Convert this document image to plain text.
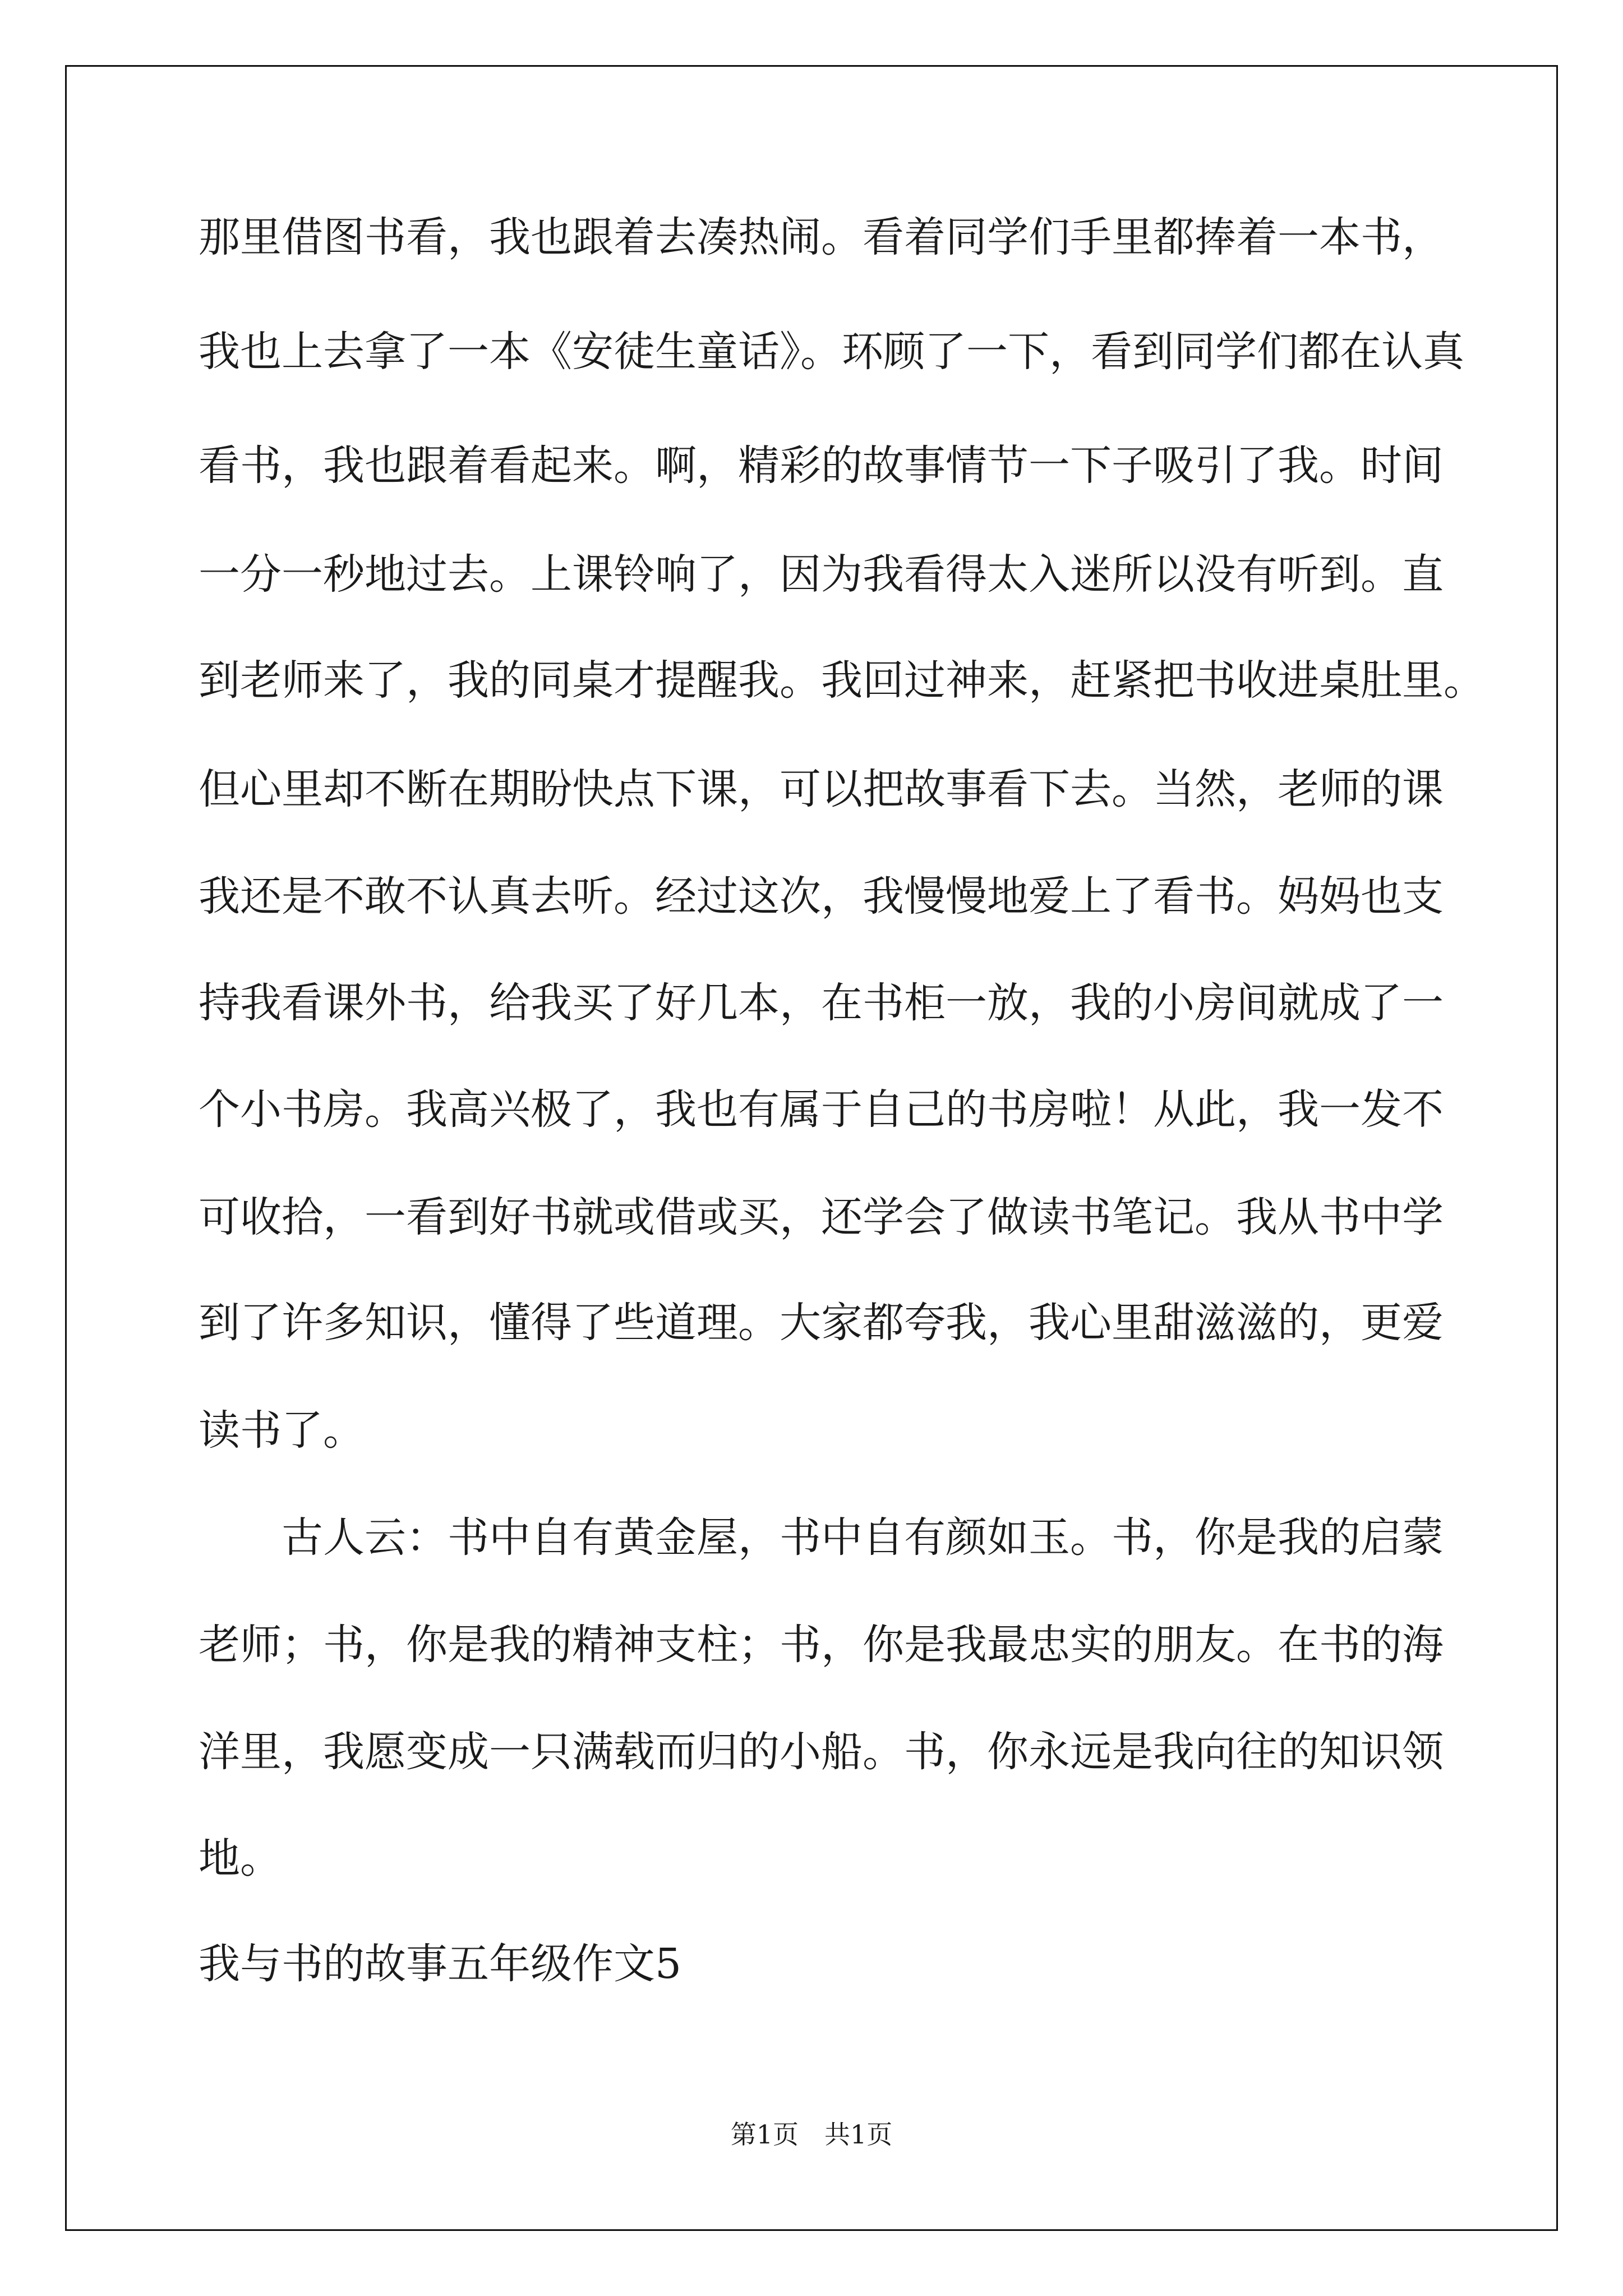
那里借图书看，我也跟着去凑热闹。看着同学们手里都捧着一本书，
我也上去拿了一本《安徒生童话》。环顾了一下，看到同学们都在认真
看书，我也跟着看起来。啊，精彩的故事情节一下子吸引了我。时间
一分一秒地过去。上课铃响了，因为我看得太入迷所以没有听到。直
到老师来了，我的同桌才提醒我。我回过神来，赶紧把书收进桌肚里。
但心里却不断在期盼快点下课，可以把故事看下去。当然，老师的课
我还是不敢不认真去听。经过这次，我慢慢地爱上了看书。妈妈也支
持我看课外书，给我买了好几本，在书柜一放，我的小房间就成了一
个小书房。我高兴极了，我也有属于自己的书房啦！从此，我一发不
可收拾，一看到好书就或借或买，还学会了做读书笔记。我从书中学
到了许多知识，懂得了些道理。大家都夸我，我心里甜滋滋的，更爱
读书了。
　　古人云：书中自有黄金屋，书中自有颜如玉。书，你是我的启蒙
老师；书，你是我的精神支柱；书，你是我最忠实的朋友。在书的海
洋里，我愿变成一只满载而归的小船。书，你永远是我向往的知识领
地。
我与书的故事五年级作文5
第1页　共1页
